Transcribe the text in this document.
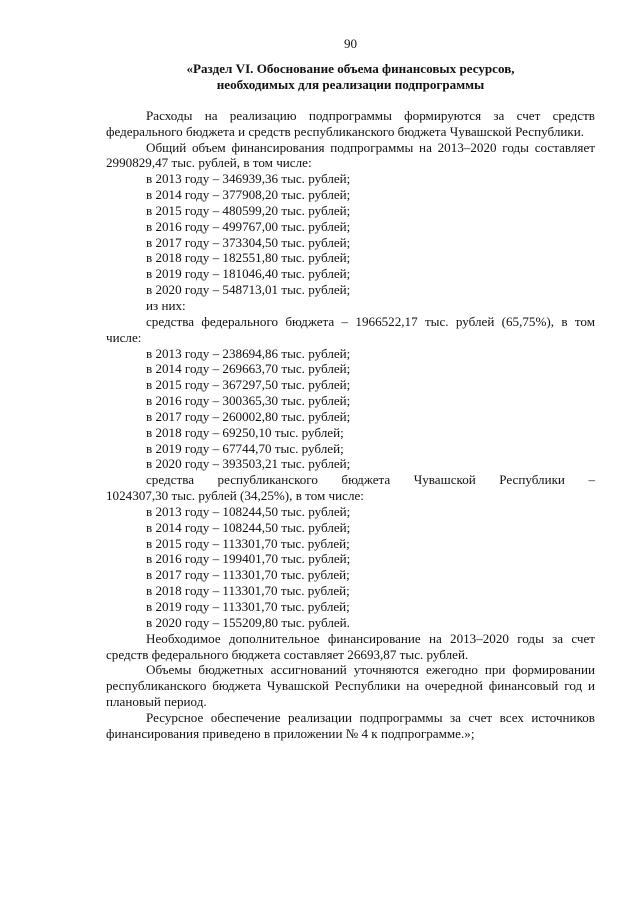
90
«Раздел VI. Обоснование объема финансовых ресурсов,
необходимых для реализации подпрограммы

Расходы на реализацию подпрограммы формируются за счет средств федерального бюджета и средств республиканского бюджета Чувашской Республики.

Общий объем финансирования подпрограммы на 2013–2020 годы составляет 2990829,47 тыс. рублей, в том числе:

в 2013 году – 346939,36 тыс. рублей;

в 2014 году – 377908,20 тыс. рублей;

в 2015 году – 480599,20 тыс. рублей;

в 2016 году – 499767,00 тыс. рублей;

в 2017 году – 373304,50 тыс. рублей;

в 2018 году – 182551,80 тыс. рублей;

в 2019 году – 181046,40 тыс. рублей;

в 2020 году – 548713,01 тыс. рублей;

из них:

средства федерального бюджета – 1966522,17 тыс. рублей (65,75%), в том числе:

в 2013 году – 238694,86 тыс. рублей;

в 2014 году – 269663,70 тыс. рублей;

в 2015 году – 367297,50 тыс. рублей;

в 2016 году – 300365,30 тыс. рублей;

в 2017 году – 260002,80 тыс. рублей;

в 2018 году – 69250,10 тыс. рублей;

в 2019 году – 67744,70 тыс. рублей;

в 2020 году – 393503,21 тыс. рублей;

средства республиканского бюджета Чувашской Республики –

1024307,30 тыс. рублей (34,25%), в том числе:

в 2013 году – 108244,50 тыс. рублей;

в 2014 году – 108244,50 тыс. рублей;

в 2015 году – 113301,70 тыс. рублей;

в 2016 году – 199401,70 тыс. рублей;

в 2017 году – 113301,70 тыс. рублей;

в 2018 году – 113301,70 тыс. рублей;

в 2019 году – 113301,70 тыс. рублей;

в 2020 году – 155209,80 тыс. рублей.

Необходимое дополнительное финансирование на 2013–2020 годы за счет средств федерального бюджета составляет 26693,87 тыс. рублей.

Объемы бюджетных ассигнований уточняются ежегодно при формировании республиканского бюджета Чувашской Республики на очередной финансовый год и плановый период.

Ресурсное обеспечение реализации подпрограммы за счет всех источников финансирования приведено в приложении № 4 к подпрограмме.»;
